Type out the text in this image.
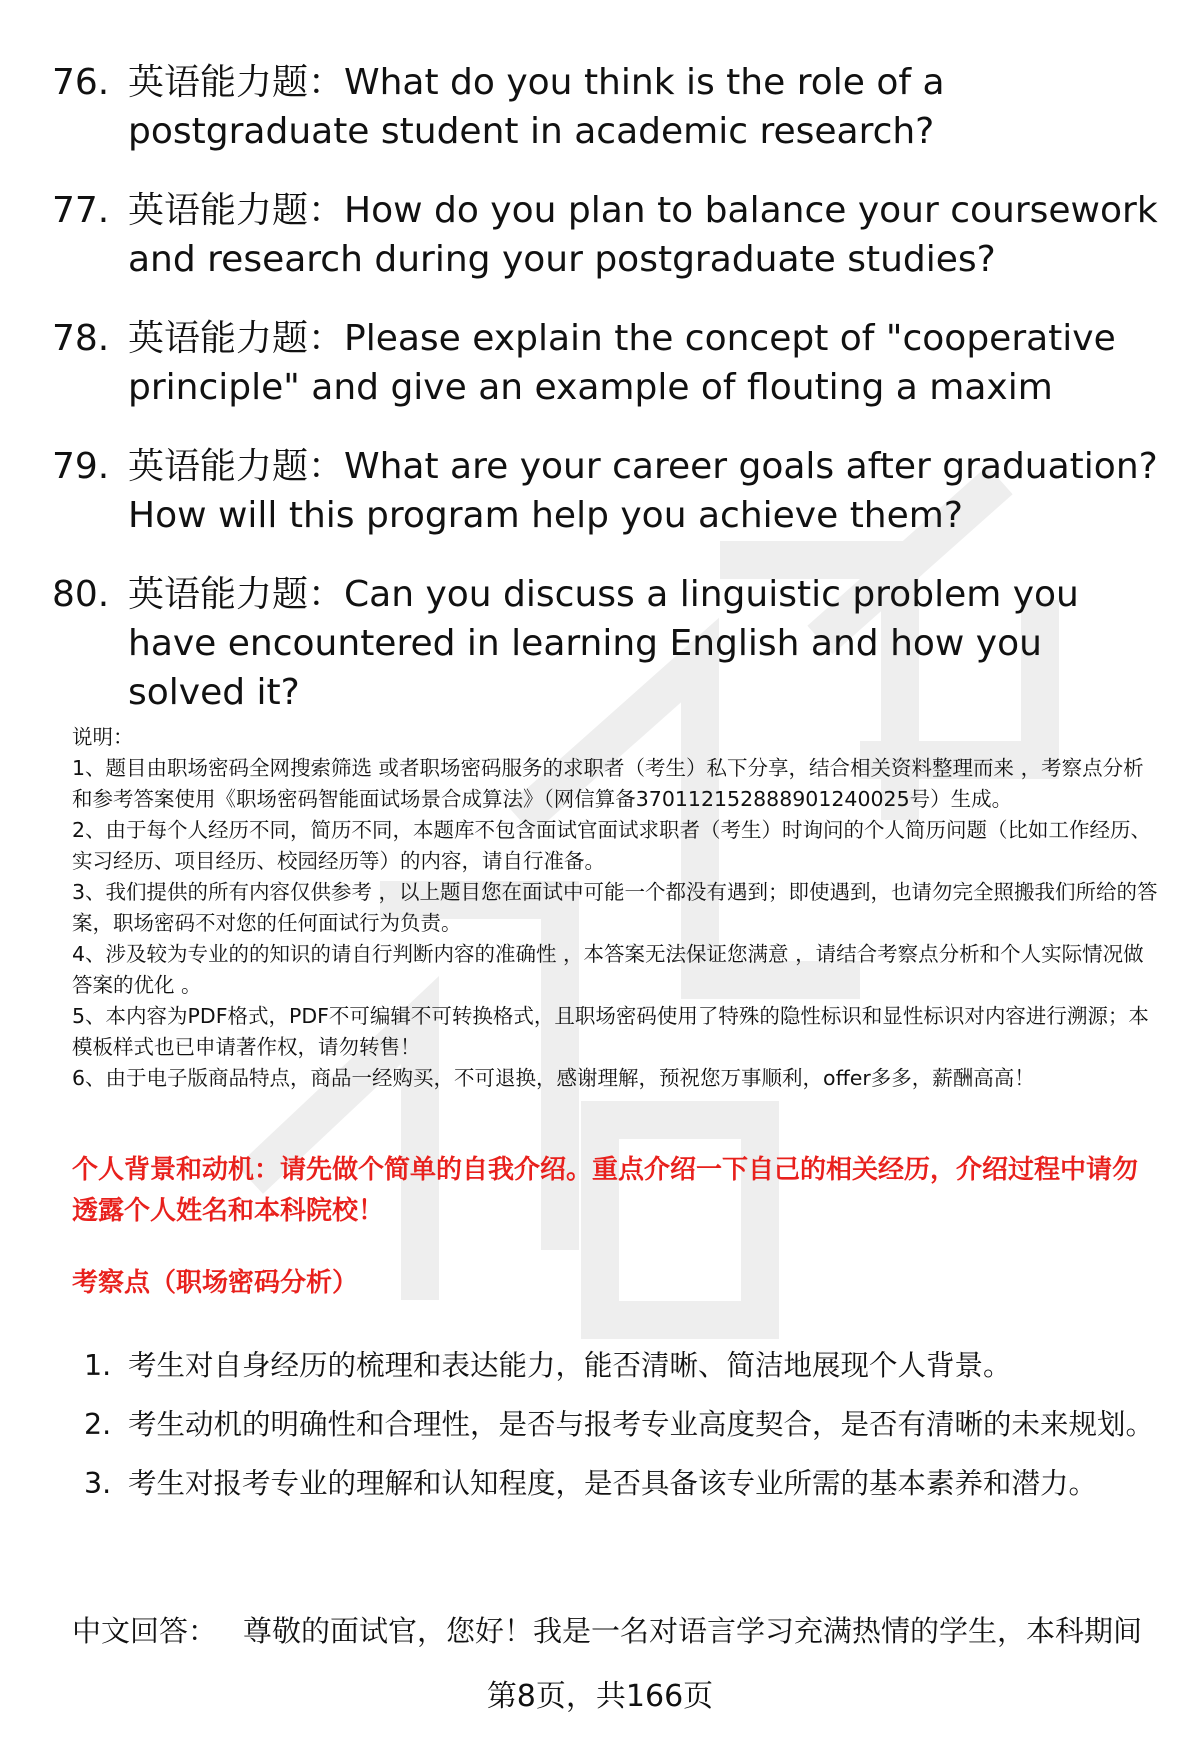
76. 英语能力题：What do you think is the role of a postgraduate student in academic research?
77. 英语能力题：How do you plan to balance your coursework and research during your postgraduate studies?
78. 英语能力题：Please explain the concept of "cooperative principle" and give an example of flouting a maxim
79. 英语能力题：What are your career goals after graduation? How will this program help you achieve them?
80. 英语能力题：Can you discuss a linguistic problem you have encountered in learning English and how you solved it?

说明：

1、题目由职场密码全网搜索筛选 或者职场密码服务的求职者（考生）私下分享，结合相关资料整理而来 ，考察点分析和参考答案使用《职场密码智能面试场景合成算法》（网信算备370112152888901240025号）生成。

2、由于每个人经历不同，简历不同，本题库不包含面试官面试求职者（考生）时询问的个人简历问题（比如工作经历、实习经历、项目经历、校园经历等）的内容，请自行准备。

3、我们提供的所有内容仅供参考 ，以上题目您在面试中可能一个都没有遇到；即使遇到，也请勿完全照搬我们所给的答案，职场密码不对您的任何面试行为负责。

4、涉及较为专业的的知识的请自行判断内容的准确性 ，本答案无法保证您满意 ，请结合考察点分析和个人实际情况做答案的优化 。

5、本内容为PDF格式，PDF不可编辑不可转换格式，且职场密码使用了特殊的隐性标识和显性标识对内容进行溯源；本模板样式也已申请著作权，请勿转售！

6、由于电子版商品特点，商品一经购买，不可退换，感谢理解，预祝您万事顺利，offer多多，薪酬高高！

个人背景和动机：请先做个简单的自我介绍。重点介绍一下自己的相关经历，介绍过程中请勿透露个人姓名和本科院校！
考察点（职场密码分析）
1. 考生对自身经历的梳理和表达能力，能否清晰、简洁地展现个人背景。
2. 考生动机的明确性和合理性，是否与报考专业高度契合，是否有清晰的未来规划。
3. 考生对报考专业的理解和认知程度，是否具备该专业所需的基本素养和潜力。
中文回答： 尊敬的面试官，您好！我是一名对语言学习充满热情的学生，本科期间
第8页，共166页
